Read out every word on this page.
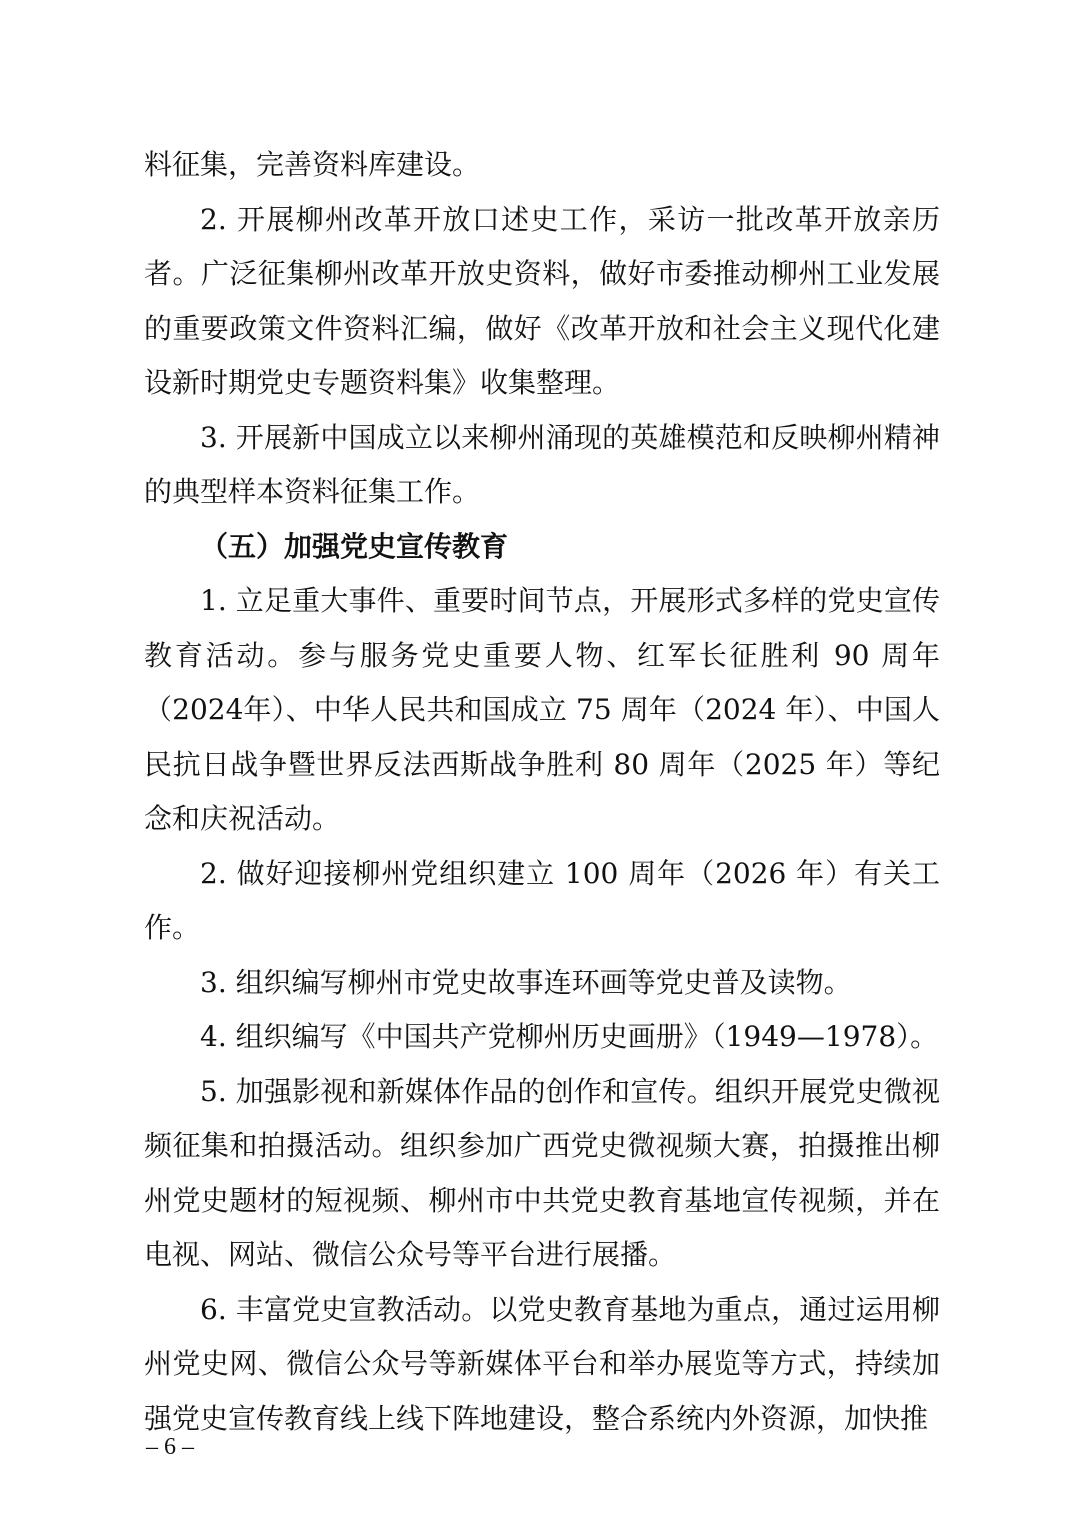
料征集，完善资料库建设。

2. 开展柳州改革开放口述史工作，采访一批改革开放亲历者。广泛征集柳州改革开放史资料，做好市委推动柳州工业发展的重要政策文件资料汇编，做好《改革开放和社会主义现代化建设新时期党史专题资料集》收集整理。

3. 开展新中国成立以来柳州涌现的英雄模范和反映柳州精神的典型样本资料征集工作。

（五）加强党史宣传教育

1. 立足重大事件、重要时间节点，开展形式多样的党史宣传教育活动。参与服务党史重要人物、红军长征胜利 90 周年（2024年）、中华人民共和国成立 75 周年（2024 年）、中国人民抗日战争暨世界反法西斯战争胜利 80 周年（2025 年）等纪念和庆祝活动。

2. 做好迎接柳州党组织建立 100 周年（2026 年）有关工作。

3. 组织编写柳州市党史故事连环画等党史普及读物。

4. 组织编写《中国共产党柳州历史画册》（1949—1978）。

5. 加强影视和新媒体作品的创作和宣传。组织开展党史微视频征集和拍摄活动。组织参加广西党史微视频大赛，拍摄推出柳州党史题材的短视频、柳州市中共党史教育基地宣传视频，并在电视、网站、微信公众号等平台进行展播。

6. 丰富党史宣教活动。以党史教育基地为重点，通过运用柳州党史网、微信公众号等新媒体平台和举办展览等方式，持续加强党史宣传教育线上线下阵地建设，整合系统内外资源，加快推

– 6 –
